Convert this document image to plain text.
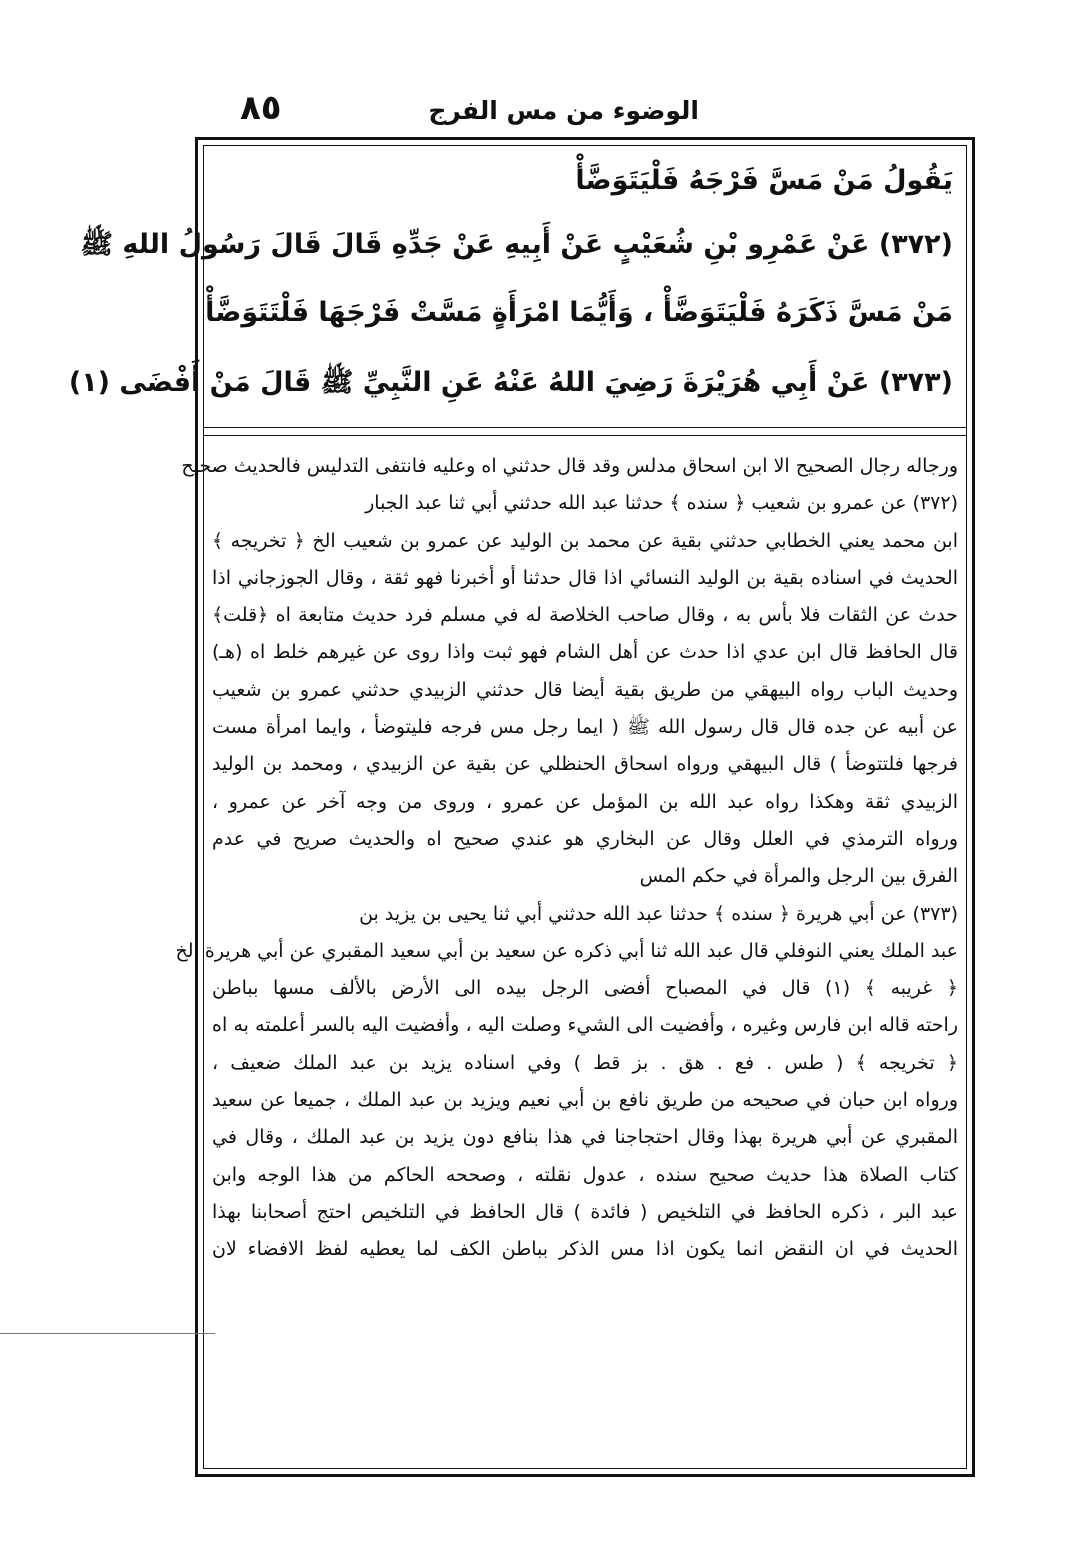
٨٥	الوضوء من مس الفرج
يَقُولُ مَنْ مَسَّ فَرْجَهُ فَلْيَتَوَضَّأْ
(٣٧٢) عَنْ عَمْرِو بْنِ شُعَيْبٍ عَنْ أَبِيهِ عَنْ جَدِّهِ قَالَ قَالَ رَسُولُ اللهِ ﷺ
مَنْ مَسَّ ذَكَرَهُ فَلْيَتَوَضَّأْ ، وَأَيُّمَا امْرَأَةٍ مَسَّتْ فَرْجَهَا فَلْتَتَوَضَّأْ
(٣٧٣) عَنْ أَبِي هُرَيْرَةَ رَضِيَ اللهُ عَنْهُ عَنِ النَّبِيِّ ﷺ قَالَ مَنْ أَفْضَى (١)
ورجاله رجال الصحيح الا ابن اسحاق مدلس وقد قال حدثني اه وعليه فانتفى التدليس فالحديث صحيح
(٣٧٢) عن عمرو بن شعيب ﴿ سنده ﴾ حدثنا عبد الله حدثني أبي ثنا عبد الجبار
ابن محمد يعني الخطابي حدثني بقية عن محمد بن الوليد عن عمرو بن شعيب الخ ﴿ تخريجه ﴾
الحديث في اسناده بقية بن الوليد النسائي اذا قال حدثنا أو أخبرنا فهو ثقة ، وقال الجوزجاني اذا
حدث عن الثقات فلا بأس به ، وقال صاحب الخلاصة له في مسلم فرد حديث متابعة اه ﴿قلت﴾
قال الحافظ قال ابن عدي اذا حدث عن أهل الشام فهو ثبت واذا روى عن غيرهم خلط اه (هـ)
وحديث الباب رواه البيهقي من طريق بقية أيضا قال حدثني الزبيدي حدثني عمرو بن شعيب
عن أبيه عن جده قال قال رسول الله ﷺ ( ايما رجل مس فرجه فليتوضأ ، وايما امرأة مست
فرجها فلتتوضأ ) قال البيهقي ورواه اسحاق الحنظلي عن بقية عن الزبيدي ، ومحمد بن الوليد
الزبيدي ثقة وهكذا رواه عبد الله بن المؤمل عن عمرو ، وروى من وجه آخر عن عمرو ،
ورواه الترمذي في العلل وقال عن البخاري هو عندي صحيح اه والحديث صريح في عدم
الفرق بين الرجل والمرأة في حكم المس
(٣٧٣) عن أبي هريرة ﴿ سنده ﴾ حدثنا عبد الله حدثني أبي ثنا يحيى بن يزيد بن
عبد الملك يعني النوفلي قال عبد الله ثنا أبي ذكره عن سعيد بن أبي سعيد المقبري عن أبي هريرة الخ
﴿ غريبه ﴾ (١) قال في المصباح أفضى الرجل بيده الى الأرض بالألف مسها بباطن
راحته قاله ابن فارس وغيره ، وأفضيت الى الشيء وصلت اليه ، وأفضيت اليه بالسر أعلمته به اه
﴿ تخريجه ﴾ ( طس . فع . هق . بز قط ) وفي اسناده يزيد بن عبد الملك ضعيف ،
ورواه ابن حبان في صحيحه من طريق نافع بن أبي نعيم ويزيد بن عبد الملك ، جميعا عن سعيد
المقبري عن أبي هريرة بهذا وقال احتجاجنا في هذا بنافع دون يزيد بن عبد الملك ، وقال في
كتاب الصلاة هذا حديث صحيح سنده ، عدول نقلته ، وصححه الحاكم من هذا الوجه وابن
عبد البر ، ذكره الحافظ في التلخيص ( فائدة ) قال الحافظ في التلخيص احتج أصحابنا بهذا
الحديث في ان النقض انما يكون اذا مس الذكر بباطن الكف لما يعطيه لفظ الافضاء لان
